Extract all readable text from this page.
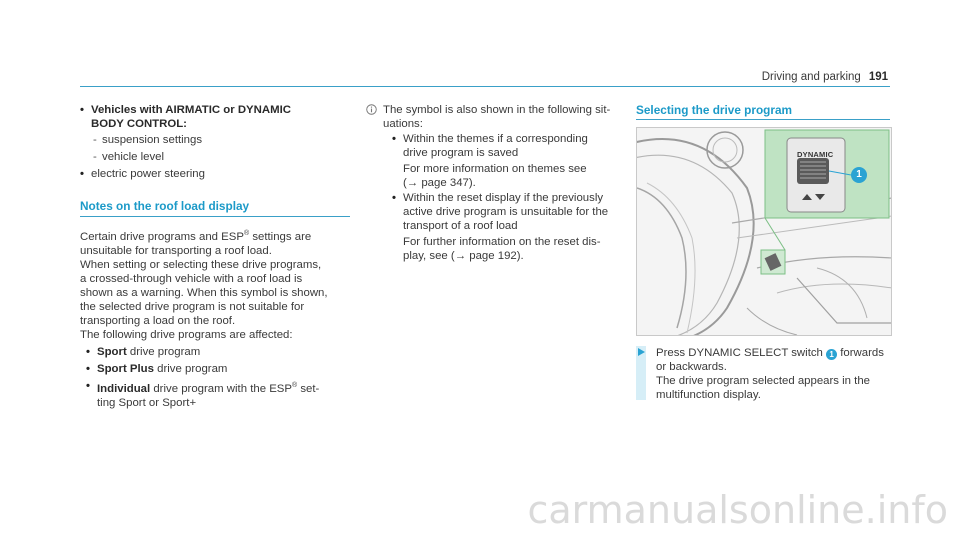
Driving and parking 191
• Vehicles with AIRMATIC or DYNAMIC
BODY CONTROL:
- suspension settings
- vehicle level
• electric power steering
Notes on the roof load display
Certain drive programs and ESP® settings are
unsuitable for transporting a roof load.
When setting or selecting these drive programs,
a crossed-through vehicle with a roof load is
shown as a warning. When this symbol is shown,
the selected drive program is not suitable for
transporting a load on the roof.
The following drive programs are affected:
• Sport drive program
• Sport Plus drive program
• Individual drive program with the ESP® set-
ting Sport or Sport+
The symbol is also shown in the following sit-
uations:
• Within the themes if a corresponding
drive program is saved
For more information on themes see
(→ page 347).
• Within the reset display if the previously
active drive program is unsuitable for the
transport of a roof load
For further information on the reset dis-
play, see (→ page 192).
Selecting the drive program
DYNAMIC
1
Press DYNAMIC SELECT switch 1 forwards
or backwards.
The drive program selected appears in the
multifunction display.
carmanualsonline.info
